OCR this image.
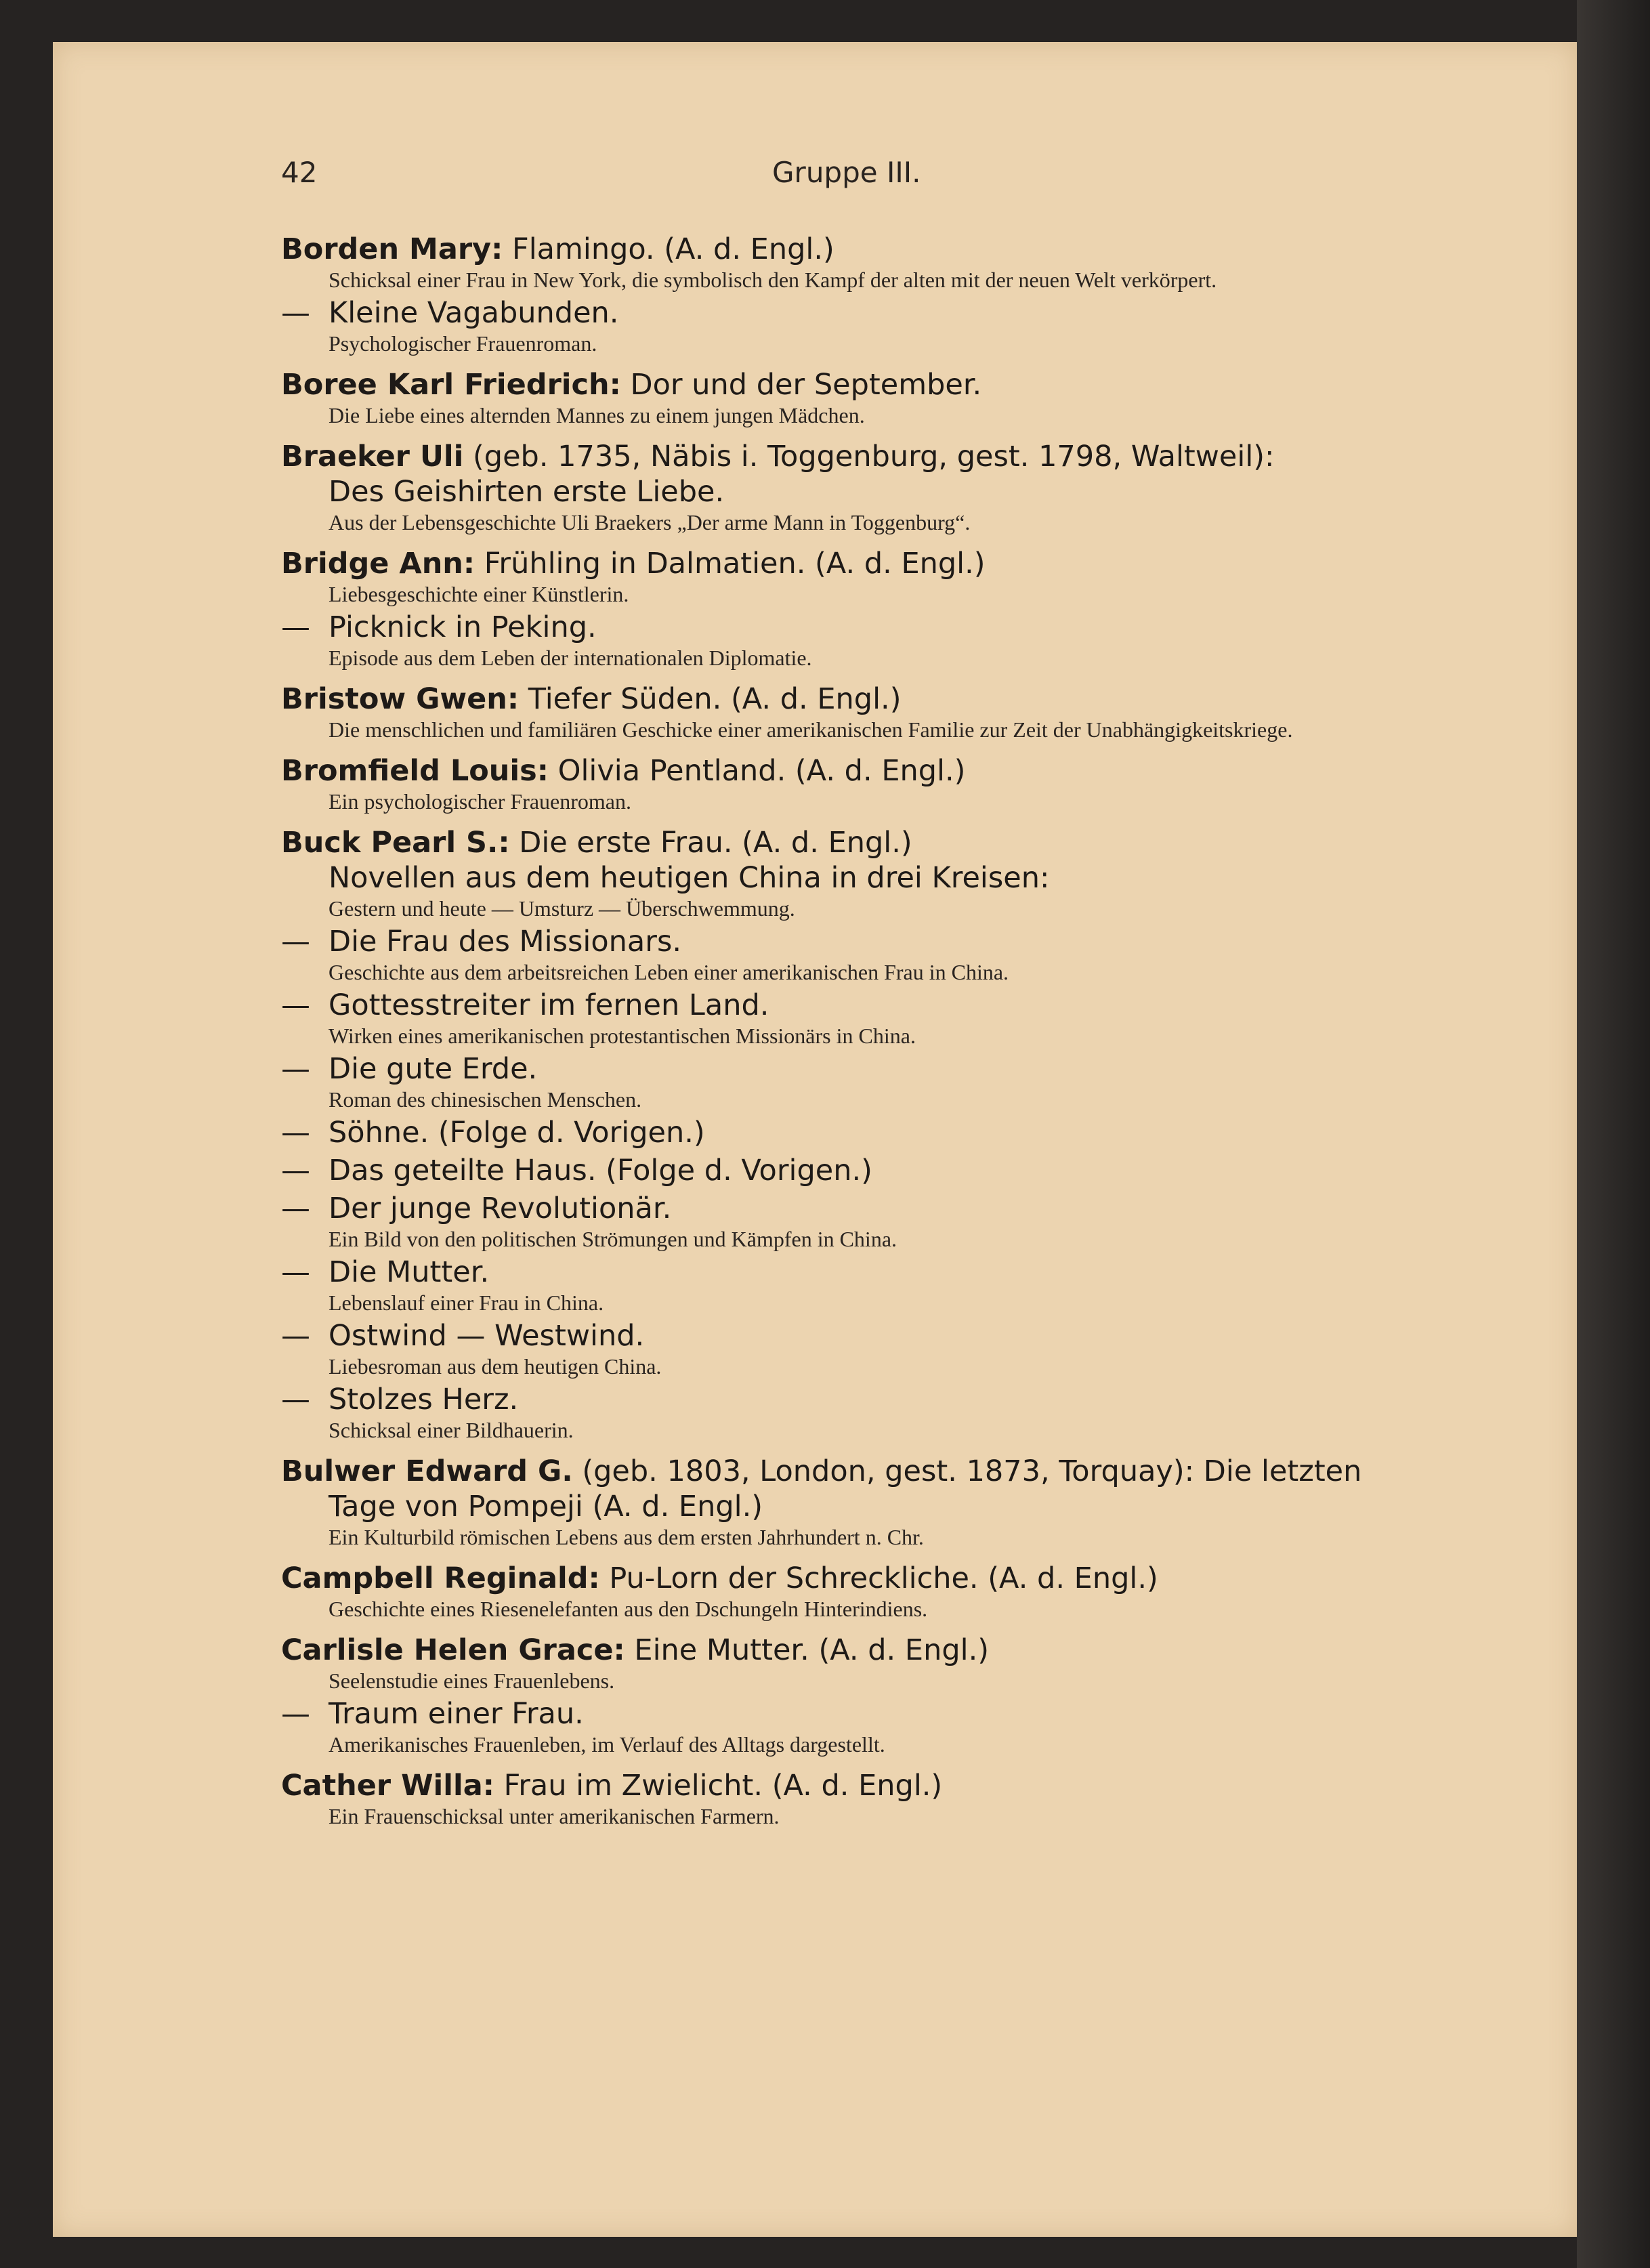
42	Gruppe III.
Borden Mary: Flamingo. (A. d. Engl.)
Schicksal einer Frau in New York, die symbolisch den Kampf der alten mit der neuen Welt verkörpert.
— Kleine Vagabunden.
Psychologischer Frauenroman.
Boree Karl Friedrich: Dor und der September.
Die Liebe eines alternden Mannes zu einem jungen Mädchen.
Braeker Uli (geb. 1735, Näbis i. Toggenburg, gest. 1798, Waltweil):
Des Geishirten erste Liebe.
Aus der Lebensgeschichte Uli Braekers „Der arme Mann in Toggenburg“.
Bridge Ann: Frühling in Dalmatien. (A. d. Engl.)
Liebesgeschichte einer Künstlerin.
— Picknick in Peking.
Episode aus dem Leben der internationalen Diplomatie.
Bristow Gwen: Tiefer Süden. (A. d. Engl.)
Die menschlichen und familiären Geschicke einer amerikanischen Familie zur Zeit der Unabhängigkeitskriege.
Bromfield Louis: Olivia Pentland. (A. d. Engl.)
Ein psychologischer Frauenroman.
Buck Pearl S.: Die erste Frau. (A. d. Engl.)
Novellen aus dem heutigen China in drei Kreisen:
Gestern und heute — Umsturz — Überschwemmung.
— Die Frau des Missionars.
Geschichte aus dem arbeitsreichen Leben einer amerikanischen Frau in China.
— Gottesstreiter im fernen Land.
Wirken eines amerikanischen protestantischen Missionärs in China.
— Die gute Erde.
Roman des chinesischen Menschen.
— Söhne. (Folge d. Vorigen.)
— Das geteilte Haus. (Folge d. Vorigen.)
— Der junge Revolutionär.
Ein Bild von den politischen Strömungen und Kämpfen in China.
— Die Mutter.
Lebenslauf einer Frau in China.
— Ostwind — Westwind.
Liebesroman aus dem heutigen China.
— Stolzes Herz.
Schicksal einer Bildhauerin.
Bulwer Edward G. (geb. 1803, London, gest. 1873, Torquay): Die letzten
Tage von Pompeji (A. d. Engl.)
Ein Kulturbild römischen Lebens aus dem ersten Jahrhundert n. Chr.
Campbell Reginald: Pu-Lorn der Schreckliche. (A. d. Engl.)
Geschichte eines Riesenelefanten aus den Dschungeln Hinterindiens.
Carlisle Helen Grace: Eine Mutter. (A. d. Engl.)
Seelenstudie eines Frauenlebens.
— Traum einer Frau.
Amerikanisches Frauenleben, im Verlauf des Alltags dargestellt.
Cather Willa: Frau im Zwielicht. (A. d. Engl.)
Ein Frauenschicksal unter amerikanischen Farmern.
